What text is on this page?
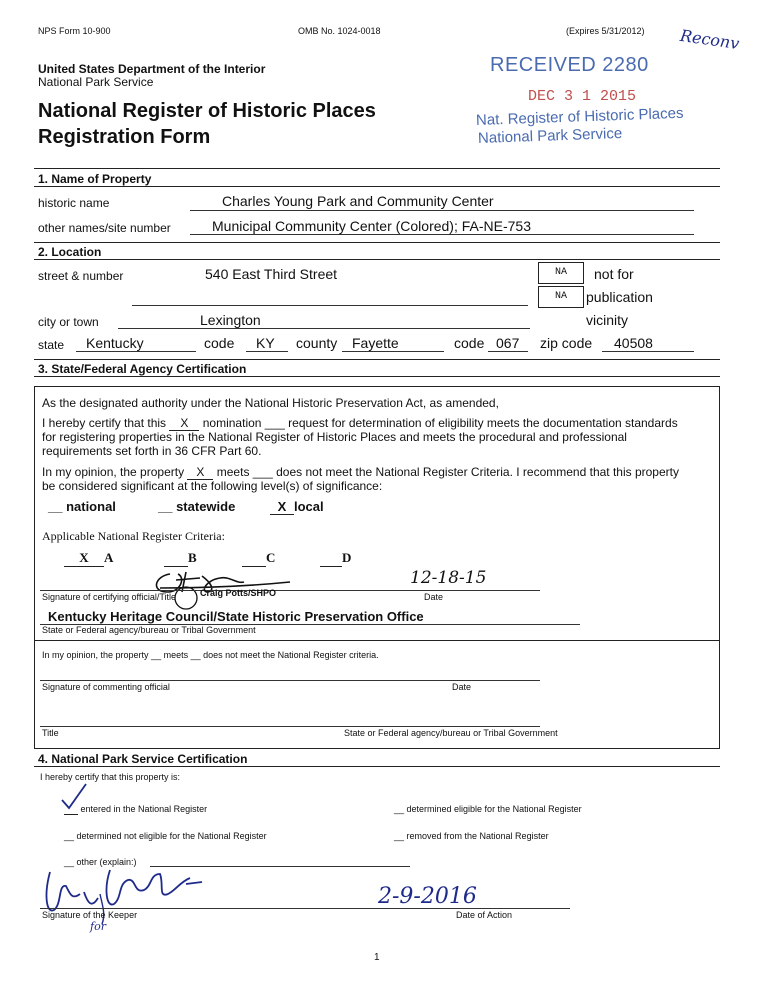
NPS Form 10-900	OMB No. 1024-0018	(Expires 5/31/2012) Reconv
United States Department of the Interior
National Park Service
National Register of Historic Places
Registration Form
RECEIVED 2280
DEC 3 1 2015
Nat. Register of Historic Places
National Park Service
1. Name of Property
historic name	Charles Young Park and Community Center
other names/site number	Municipal Community Center (Colored); FA-NE-753
2. Location
street & number	540 East Third Street	NA
NA
not for
publication
city or town	Lexington	vicinity
state Kentucky	code KY county Fayette	code 067 zip code 40508
3. State/Federal Agency Certification
As the designated authority under the National Historic Preservation Act, as amended,
I hereby certify that this X nomination ___ request for determination of eligibility meets the documentation standards
for registering properties in the National Register of Historic Places and meets the procedural and professional
requirements set forth in 36 CFR Part 60.
In my opinion, the property X meets ___ does not meet the National Register Criteria. I recommend that this property
be considered significant at the following level(s) of significance:
__ national	__ statewide	X local
Applicable National Register Criteria:
X A	B	C	D
12-18-15
Signature of certifying official/Title	Craig Potts/SHPO	Date
Kentucky Heritage Council/State Historic Preservation Office
State or Federal agency/bureau or Tribal Government
In my opinion, the property __ meets __ does not meet the National Register criteria.
Signature of commenting official	Date
Title	State or Federal agency/bureau or Tribal Government
4. National Park Service Certification
I hereby certify that this property is:
entered in the National Register	__ determined eligible for the National Register
__ determined not eligible for the National Register	__ removed from the National Register
__ other (explain:)
2-9-2016
Signature of the Keeper	Date of Action
for
1
